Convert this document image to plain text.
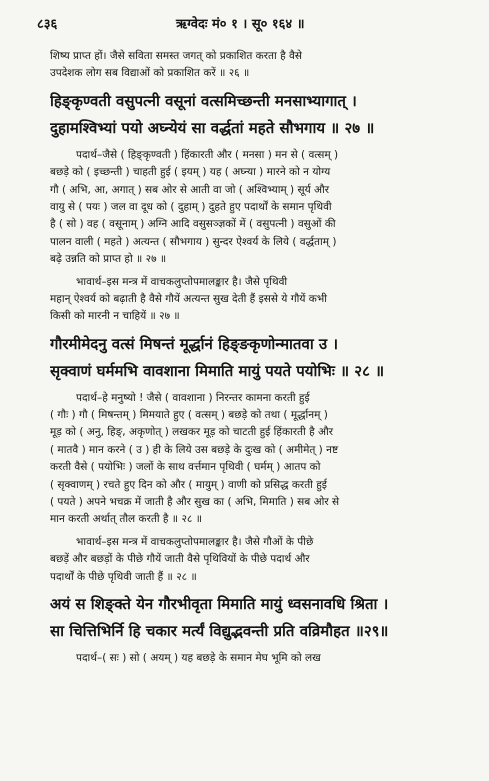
८३६	ऋग्वेदः मं० १ । सू० १६४ ॥
शिष्य प्राप्त हों। जैसे सविता समस्त जगत् को प्रकाशित करता है वैसे
उपदेशक लोग सब विद्याओं को प्रकाशित करें ॥ २६ ॥
हिङ्कृण्वती वसुपत्नी वसूनां वत्समिच्छन्ती मनसाभ्यागात् ।
दुहामश्विभ्यां पयो अघ्न्येयं सा वर्द्धतां महते सौभगाय ॥ २७ ॥
पदार्थ–जैसे ( हिङ्कृण्वती ) हिंकारती और ( मनसा ) मन से ( वत्सम् )
बछड़े को ( इच्छन्ती ) चाहती हुई ( इयम् ) यह ( अघ्न्या ) मारने को न योग्य
गौ ( अभि, आ, अगात् ) सब ओर से आती वा जो ( अश्विभ्याम् ) सूर्य और
वायु से ( पयः ) जल वा दूध को ( दुहाम् ) दुहते हुए पदार्थों के समान पृथिवी
है ( सो ) वह ( वसूनाम् ) अग्नि आदि वसुसञ्ज्ञकों में ( वसुपत्नी ) वसुओं की
पालन वाली ( महते ) अत्यन्त ( सौभगाय ) सुन्दर ऐश्वर्य के लिये ( वर्द्धताम् )
बढ़े उन्नति को प्राप्त हो ॥ २७ ॥
भावार्थ–इस मन्त्र में वाचकलुप्तोपमालङ्कार है। जैसे पृथिवी
महान् ऐश्वर्य को बढ़ाती है वैसे गौयें अत्यन्त सुख देती हैं इससे ये गौयें कभी
किसी को मारनी न चाहियें ॥ २७ ॥
गौरमीमेदनु वत्सं मिषन्तं मूर्द्धानं हिङ्ङकृणोन्मातवा उ ।
सृक्वाणं घर्ममभि वावशाना मिमाति मायुं पयते पयोभिः ॥ २८ ॥
पदार्थ–हे मनुष्यो ! जैसे ( वावशाना ) निरन्तर कामना करती हुई
( गौः ) गौ ( मिषन्तम् ) मिमयाते हुए ( वत्सम् ) बछड़े को तथा ( मूर्द्धानम् )
मूड़ को ( अनु, हिङ्, अकृणोत् ) लखकर मूड़ को चाटती हुई हिंकारती है और
( मातवै ) मान करने ( उ ) ही के लिये उस बछड़े के दुःख को ( अमीमेत् ) नष्ट
करती वैसे ( पयोभिः ) जलों के साथ वर्त्तमान पृथिवी ( घर्मम् ) आतप को
( सृक्वाणम् ) रचते हुए दिन को और ( मायुम् ) वाणी को प्रसिद्ध करती हुई
( पयते ) अपने भचक्र में जाती है और सुख का ( अभि, मिमाति ) सब ओर से
मान करती अर्थात् तौल करती है ॥ २८ ॥
भावार्थ–इस मन्त्र में वाचकलुप्तोपमालङ्कार है। जैसे गौओं के पीछे
बछड़ें और बछड़ों के पीछे गौयें जाती वैसे पृथिवियों के पीछे पदार्थ और
पदार्थों के पीछे पृथिवी जाती हैं ॥ २८ ॥
अयं स शिङ्क्ते येन गौरभीवृता मिमाति मायुं ध्वसनावधि श्रिता ।
सा चित्तिभिर्नि हि चकार मर्त्यं विद्युद्भवन्ती प्रति वव्रिमौहत ॥२९॥
पदार्थ–( सः ) सो ( अयम् ) यह बछड़े के समान मेघ भूमि को लख
